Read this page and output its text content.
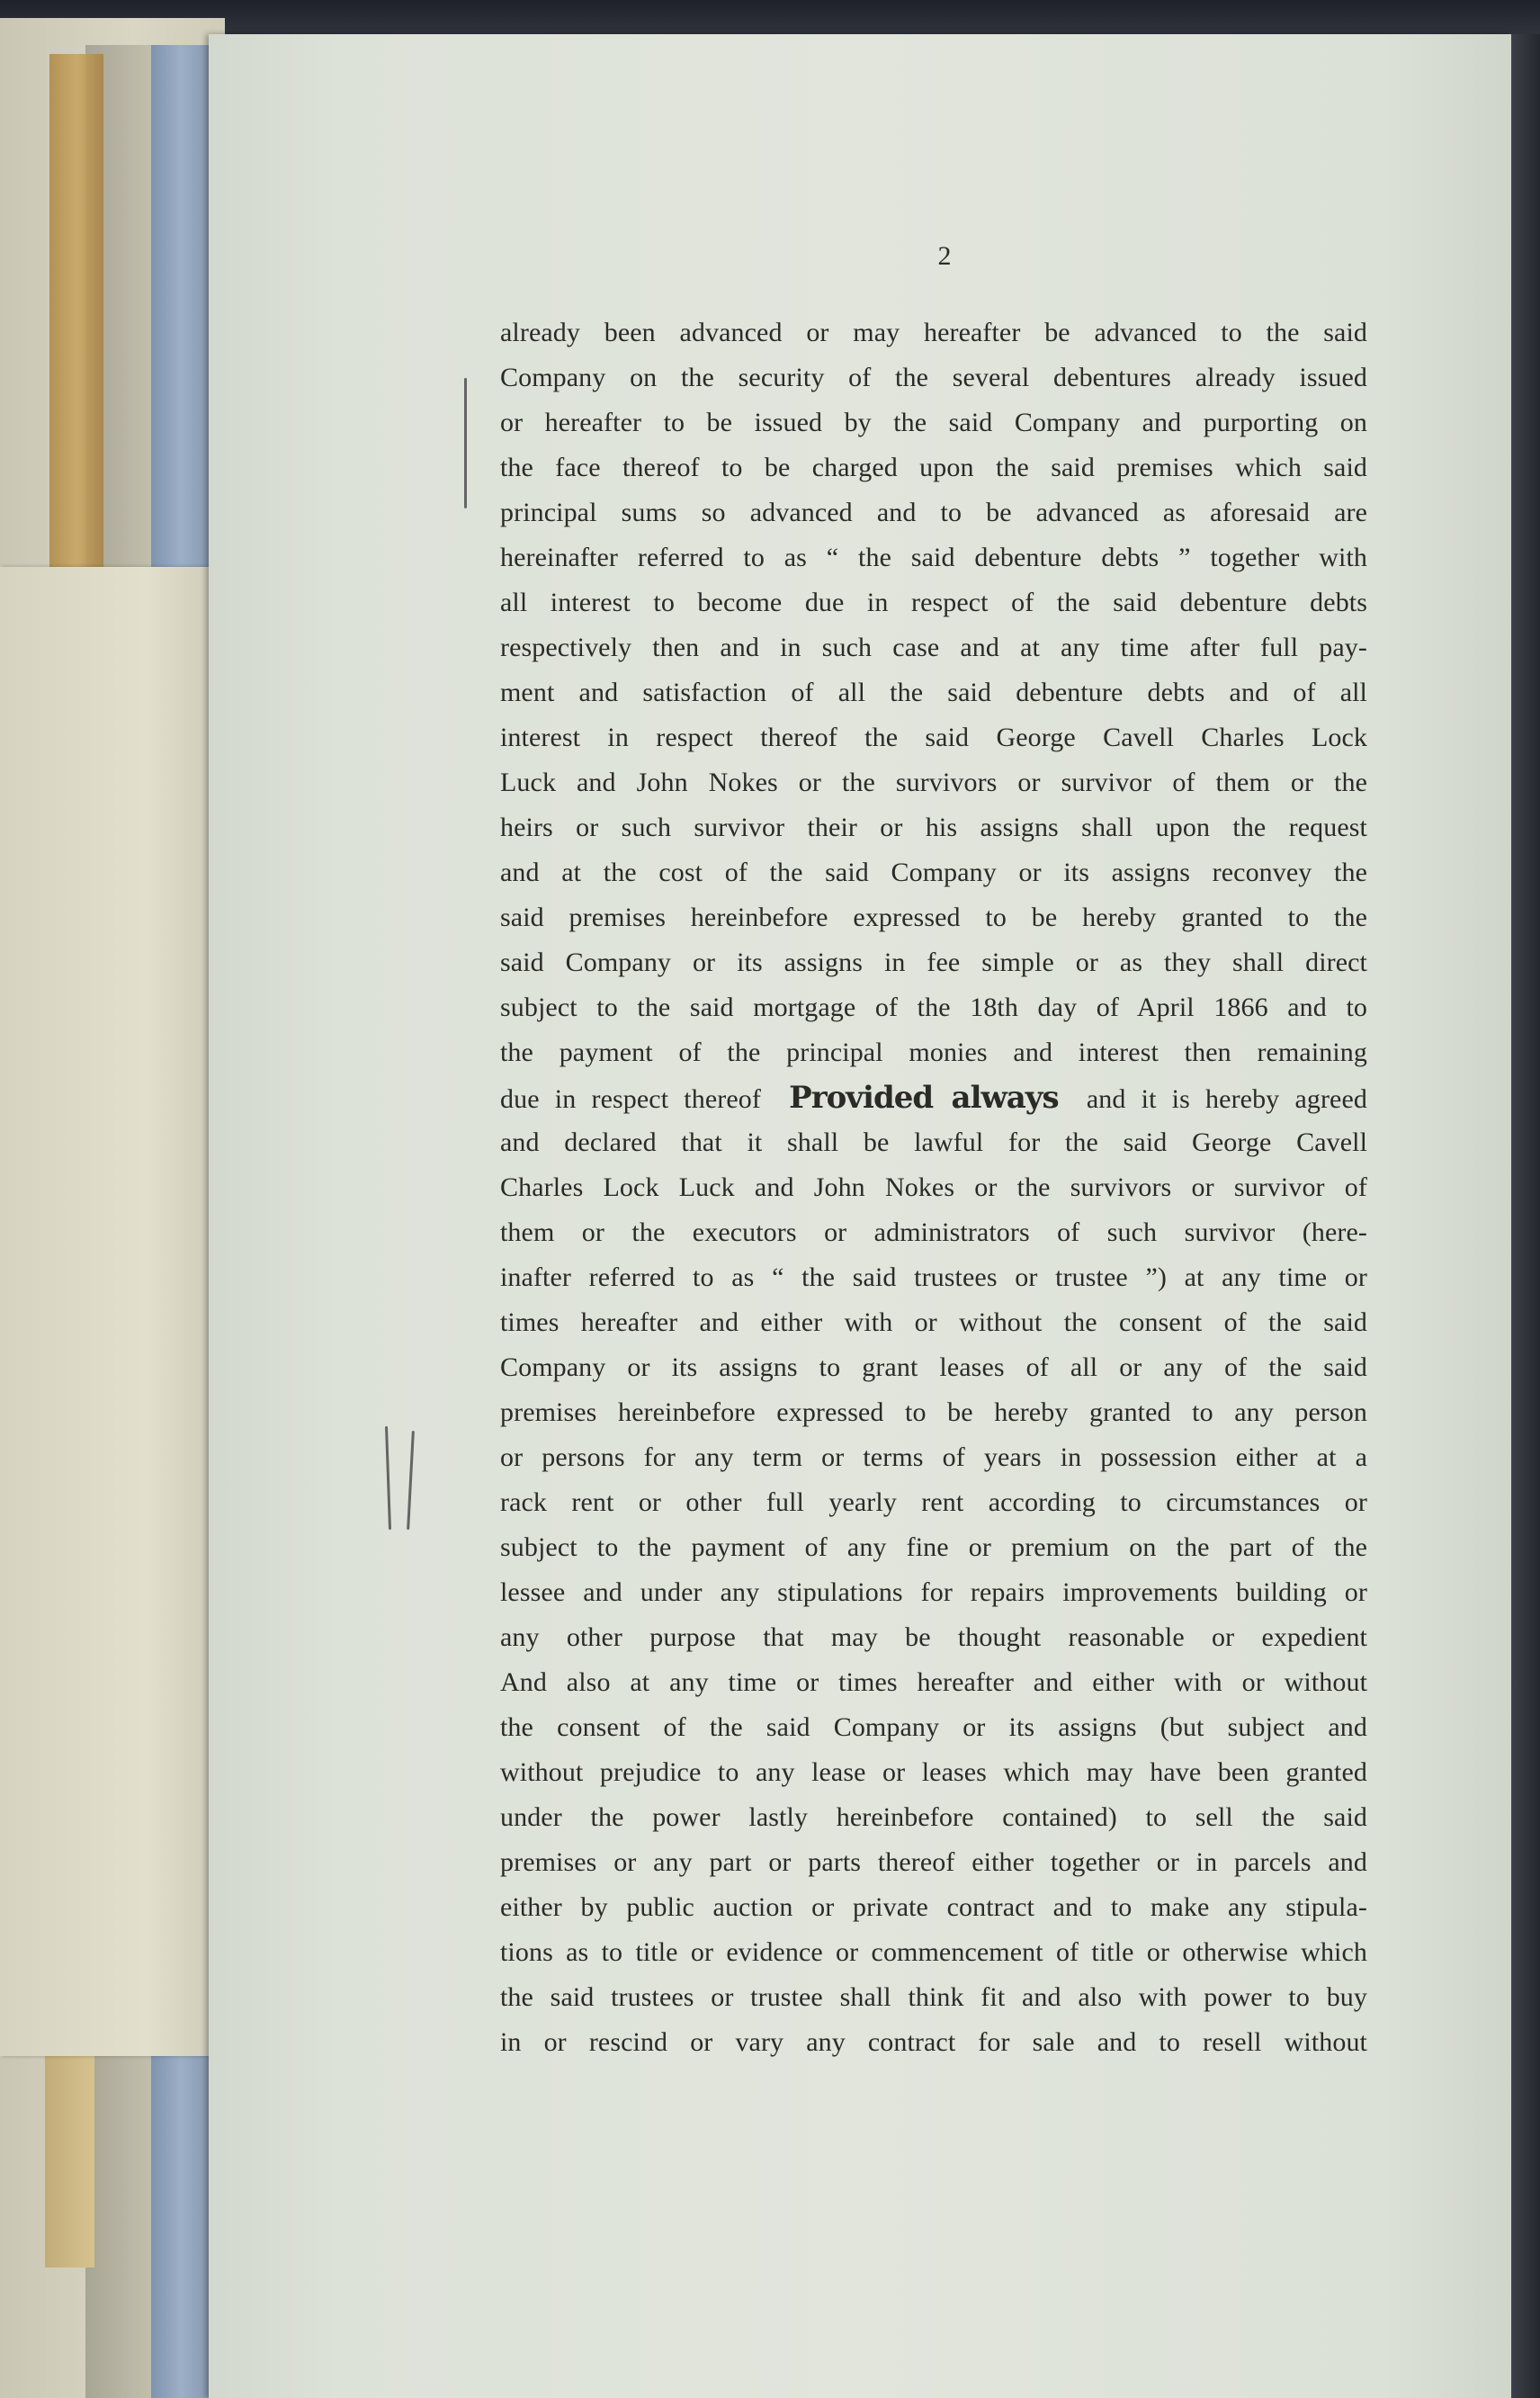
2
already been advanced or may hereafter be advanced to the said
Company on the security of the several debentures already issued
or hereafter to be issued by the said Company and purporting on
the face thereof to be charged upon the said premises which said
principal sums so advanced and to be advanced as aforesaid are
hereinafter referred to as “ the said debenture debts ” together with
all interest to become due in respect of the said debenture debts
respectively then and in such case and at any time after full pay-
ment and satisfaction of all the said debenture debts and of all
interest in respect thereof the said George Cavell Charles Lock
Luck and John Nokes or the survivors or survivor of them or the
heirs or such survivor their or his assigns shall upon the request
and at the cost of the said Company or its assigns reconvey the
said premises hereinbefore expressed to be hereby granted to the
said Company or its assigns in fee simple or as they shall direct
subject to the said mortgage of the 18th day of April 1866 and to
the payment of the principal monies and interest then remaining
due in respect thereof Provided always and it is hereby agreed
and declared that it shall be lawful for the said George Cavell
Charles Lock Luck and John Nokes or the survivors or survivor of
them or the executors or administrators of such survivor (here-
inafter referred to as “ the said trustees or trustee ”) at any time or
times hereafter and either with or without the consent of the said
Company or its assigns to grant leases of all or any of the said
premises hereinbefore expressed to be hereby granted to any person
or persons for any term or terms of years in possession either at a
rack rent or other full yearly rent according to circumstances or
subject to the payment of any fine or premium on the part of the
lessee and under any stipulations for repairs improvements building or
any other purpose that may be thought reasonable or expedient
And also at any time or times hereafter and either with or without
the consent of the said Company or its assigns (but subject and
without prejudice to any lease or leases which may have been granted
under the power lastly hereinbefore contained) to sell the said
premises or any part or parts thereof either together or in parcels and
either by public auction or private contract and to make any stipula-
tions as to title or evidence or commencement of title or otherwise which
the said trustees or trustee shall think fit and also with power to buy
in or rescind or vary any contract for sale and to resell without
